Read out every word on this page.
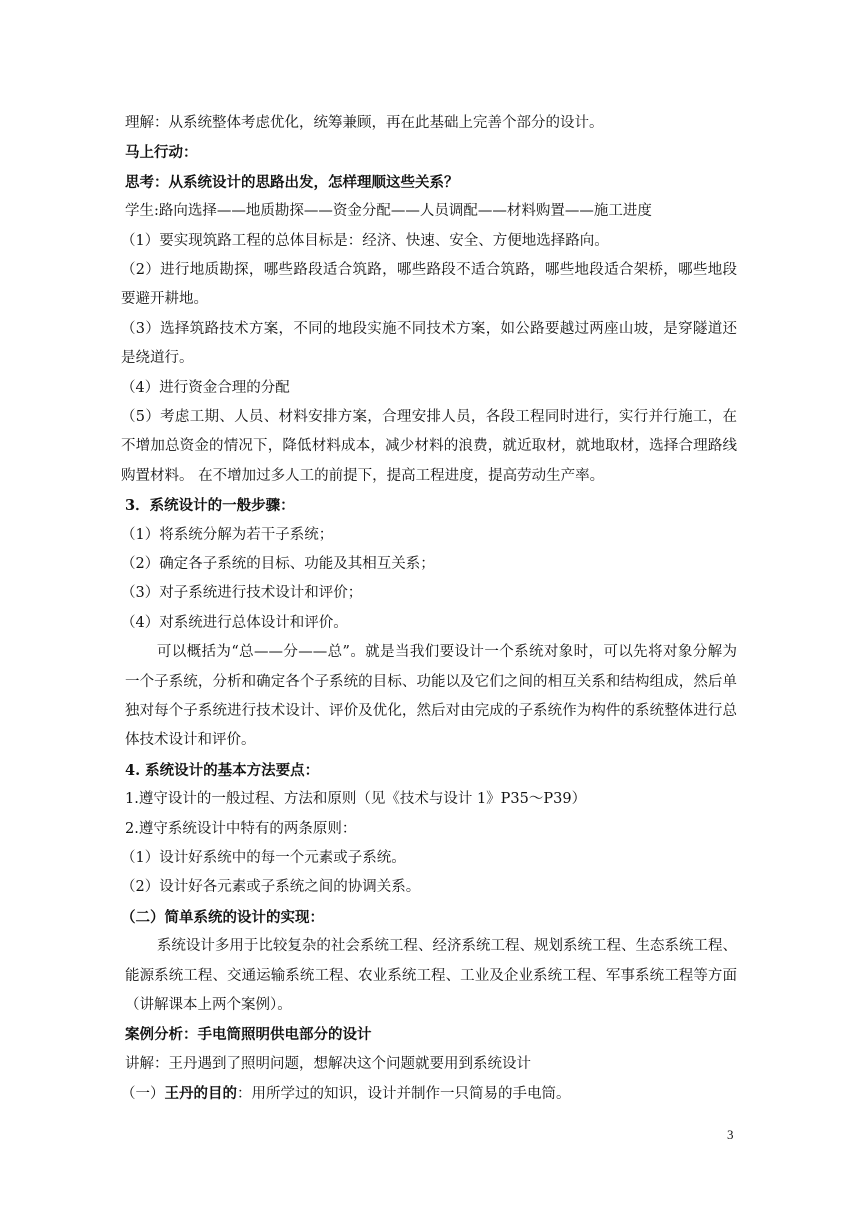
理解：从系统整体考虑优化，统筹兼顾，再在此基础上完善个部分的设计。
马上行动：
思考：从系统设计的思路出发，怎样理顺这些关系？
学生:路向选择——地质勘探——资金分配——人员调配——材料购置——施工进度
（1）要实现筑路工程的总体目标是：经济、快速、安全、方便地选择路向。
（2）进行地质勘探，哪些路段适合筑路，哪些路段不适合筑路，哪些地段适合架桥，哪些地段要避开耕地。
（3）选择筑路技术方案，不同的地段实施不同技术方案，如公路要越过两座山坡，是穿隧道还是绕道行。
（4）进行资金合理的分配
（5）考虑工期、人员、材料安排方案，合理安排人员，各段工程同时进行，实行并行施工，在不增加总资金的情况下，降低材料成本，减少材料的浪费，就近取材，就地取材，选择合理路线购置材料。 在不增加过多人工的前提下，提高工程进度，提高劳动生产率。
3．系统设计的一般步骤：
（1）将系统分解为若干子系统；
（2）确定各子系统的目标、功能及其相互关系；
（3）对子系统进行技术设计和评价；
（4）对系统进行总体设计和评价。
可以概括为“总——分——总”。就是当我们要设计一个系统对象时，可以先将对象分解为一个子系统，分析和确定各个子系统的目标、功能以及它们之间的相互关系和结构组成，然后单独对每个子系统进行技术设计、评价及优化，然后对由完成的子系统作为构件的系统整体进行总体技术设计和评价。
4. 系统设计的基本方法要点：
1.遵守设计的一般过程、方法和原则（见《技术与设计 1》P35～P39）
2.遵守系统设计中特有的两条原则：
（1）设计好系统中的每一个元素或子系统。
（2）设计好各元素或子系统之间的协调关系。
（二）简单系统的设计的实现：
系统设计多用于比较复杂的社会系统工程、经济系统工程、规划系统工程、生态系统工程、能源系统工程、交通运输系统工程、农业系统工程、工业及企业系统工程、军事系统工程等方面（讲解课本上两个案例）。
案例分析：手电筒照明供电部分的设计
讲解：王丹遇到了照明问题，想解决这个问题就要用到系统设计
（一）王丹的目的：用所学过的知识，设计并制作一只简易的手电筒。
3
